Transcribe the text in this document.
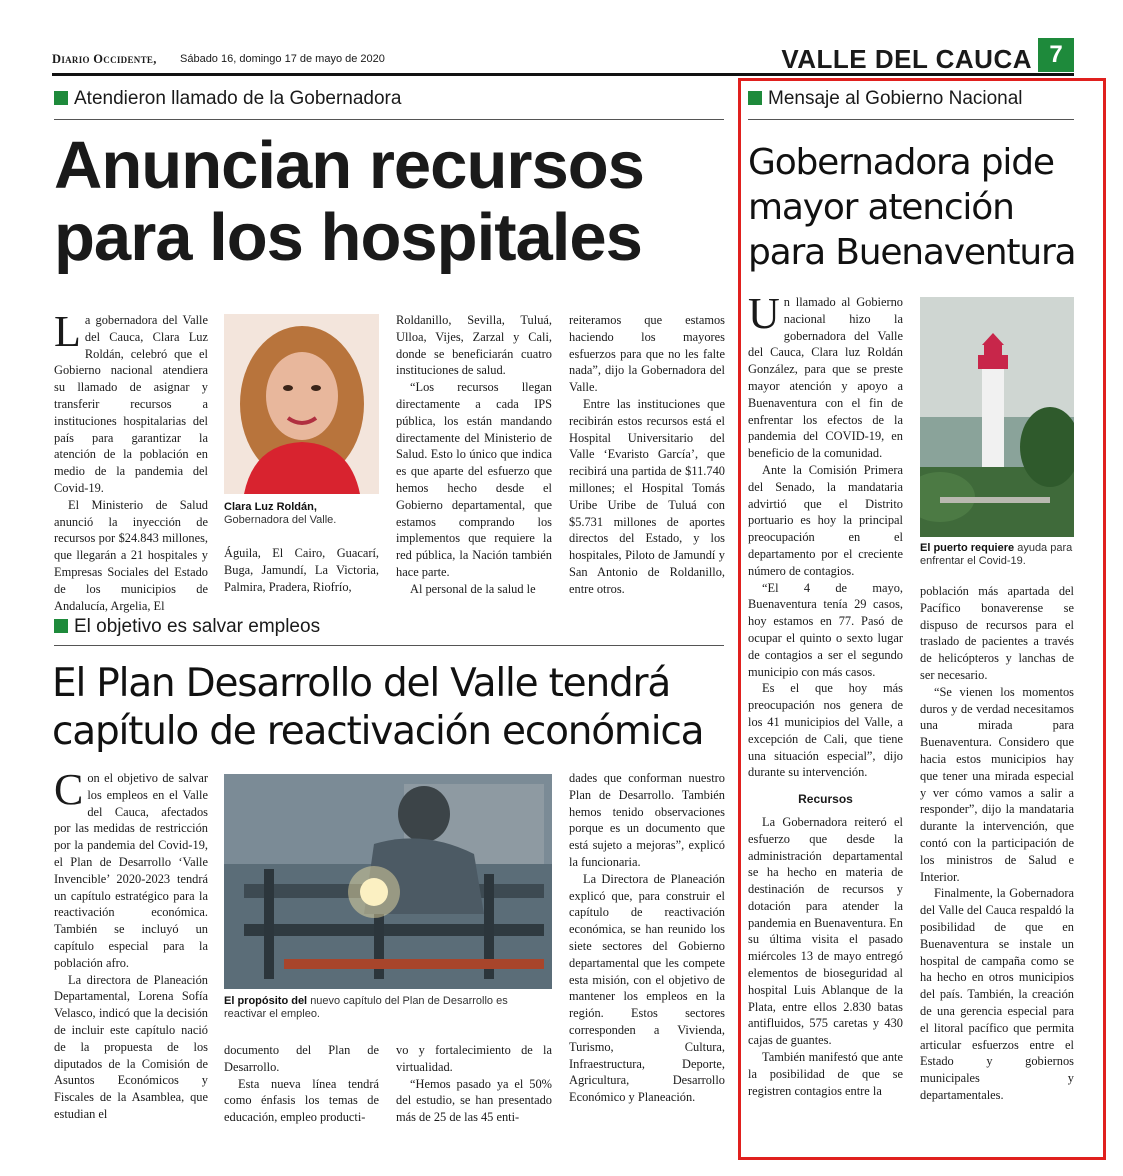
Diario Occidente, Sábado 16, domingo 17 de mayo de 2020	VALLE DEL CAUCA 7
Atendieron llamado de la Gobernadora
Anuncian recursos
para los hospitales

La gobernadora del Valle del Cauca, Clara Luz Roldán, celebró que el Gobierno nacional atendiera su llamado de asignar y transferir recursos a instituciones hospitalarias del país para garantizar la atención de la población en medio de la pandemia del Covid-19.

El Ministerio de Salud anunció la inyección de recursos por $24.843 millones, que llegarán a 21 hospitales y Empresas Sociales del Estado de los municipios de Andalucía, Argelia, El

Clara Luz Roldán,
Gobernadora del Valle.

Águila, El Cairo, Guacarí, Buga, Jamundí, La Victoria, Palmira, Pradera, Riofrío,

Roldanillo, Sevilla, Tuluá, Ulloa, Vijes, Zarzal y Cali, donde se beneficiarán cuatro instituciones de salud.

“Los recursos llegan directamente a cada IPS pública, los están mandando directamente del Ministerio de Salud. Esto lo único que indica es que aparte del esfuerzo que hemos hecho desde el Gobierno departamental, que estamos comprando los implementos que requiere la red pública, la Nación también hace parte.

Al personal de la salud le

reiteramos que estamos haciendo los mayores esfuerzos para que no les falte nada”, dijo la Gobernadora del Valle.

Entre las instituciones que recibirán estos recursos está el Hospital Universitario del Valle ‘Evaristo García’, que recibirá una partida de $11.740 millones; el Hospital Tomás Uribe Uribe de Tuluá con $5.731 millones de aportes directos del Estado, y los hospitales, Piloto de Jamundí y San Antonio de Roldanillo, entre otros.

El objetivo es salvar empleos
El Plan Desarrollo del Valle tendrá
capítulo de reactivación económica

Con el objetivo de salvar los empleos en el Valle del Cauca, afectados por las medidas de restricción por la pandemia del Covid-19, el Plan de Desarrollo ‘Valle Invencible’ 2020-2023 tendrá un capítulo estratégico para la reactivación económica. También se incluyó un capítulo especial para la población afro.

La directora de Planeación Departamental, Lorena Sofía Velasco, indicó que la decisión de incluir este capítulo nació de la propuesta de los diputados de la Comisión de Asuntos Económicos y Fiscales de la Asamblea, que estudian el

El propósito del nuevo capítulo del Plan de Desarrollo es reactivar el empleo.

documento del Plan de Desarrollo.

Esta nueva línea tendrá como énfasis los temas de educación, empleo producti-

vo y fortalecimiento de la virtualidad.

“Hemos pasado ya el 50% del estudio, se han presentado más de 25 de las 45 enti-

dades que conforman nuestro Plan de Desarrollo. También hemos tenido observaciones porque es un documento que está sujeto a mejoras”, explicó la funcionaria.

La Directora de Planeación explicó que, para construir el capítulo de reactivación económica, se han reunido los siete sectores del Gobierno departamental que les compete esta misión, con el objetivo de mantener los empleos en la región. Estos sectores corresponden a Vivienda, Turismo, Cultura, Infraestructura, Deporte, Agricultura, Desarrollo Económico y Planeación.

Mensaje al Gobierno Nacional
Gobernadora pide
mayor atención
para Buenaventura

Un llamado al Gobierno nacional hizo la gobernadora del Valle del Cauca, Clara luz Roldán González, para que se preste mayor atención y apoyo a Buenaventura con el fin de enfrentar los efectos de la pandemia del COVID-19, en beneficio de la comunidad.

Ante la Comisión Primera del Senado, la mandataria advirtió que el Distrito portuario es hoy la principal preocupación en el departamento por el creciente número de contagios.

“El 4 de mayo, Buenaventura tenía 29 casos, hoy estamos en 77. Pasó de ocupar el quinto o sexto lugar de contagios a ser el segundo municipio con más casos.

Es el que hoy más preocupación nos genera de los 41 municipios del Valle, a excepción de Cali, que tiene una situación especial”, dijo durante su intervención.

Recursos

La Gobernadora reiteró el esfuerzo que desde la administración departamental se ha hecho en materia de destinación de recursos y dotación para atender la pandemia en Buenaventura. En su última visita el pasado miércoles 13 de mayo entregó elementos de bioseguridad al hospital Luis Ablanque de la Plata, entre ellos 2.830 batas antifluidos, 575 caretas y 430 cajas de guantes.

También manifestó que ante la posibilidad de que se registren contagios entre la

El puerto requiere ayuda para enfrentar el Covid-19.

población más apartada del Pacífico bonaverense se dispuso de recursos para el traslado de pacientes a través de helicópteros y lanchas de ser necesario.

“Se vienen los momentos duros y de verdad necesitamos una mirada para Buenaventura. Considero que hacia estos municipios hay que tener una mirada especial y ver cómo vamos a salir a responder”, dijo la mandataria durante la intervención, que contó con la participación de los ministros de Salud e Interior.

Finalmente, la Gobernadora del Valle del Cauca respaldó la posibilidad de que en Buenaventura se instale un hospital de campaña como se ha hecho en otros municipios del país. También, la creación de una gerencia especial para el litoral pacífico que permita articular esfuerzos entre el Estado y gobiernos municipales y departamentales.
